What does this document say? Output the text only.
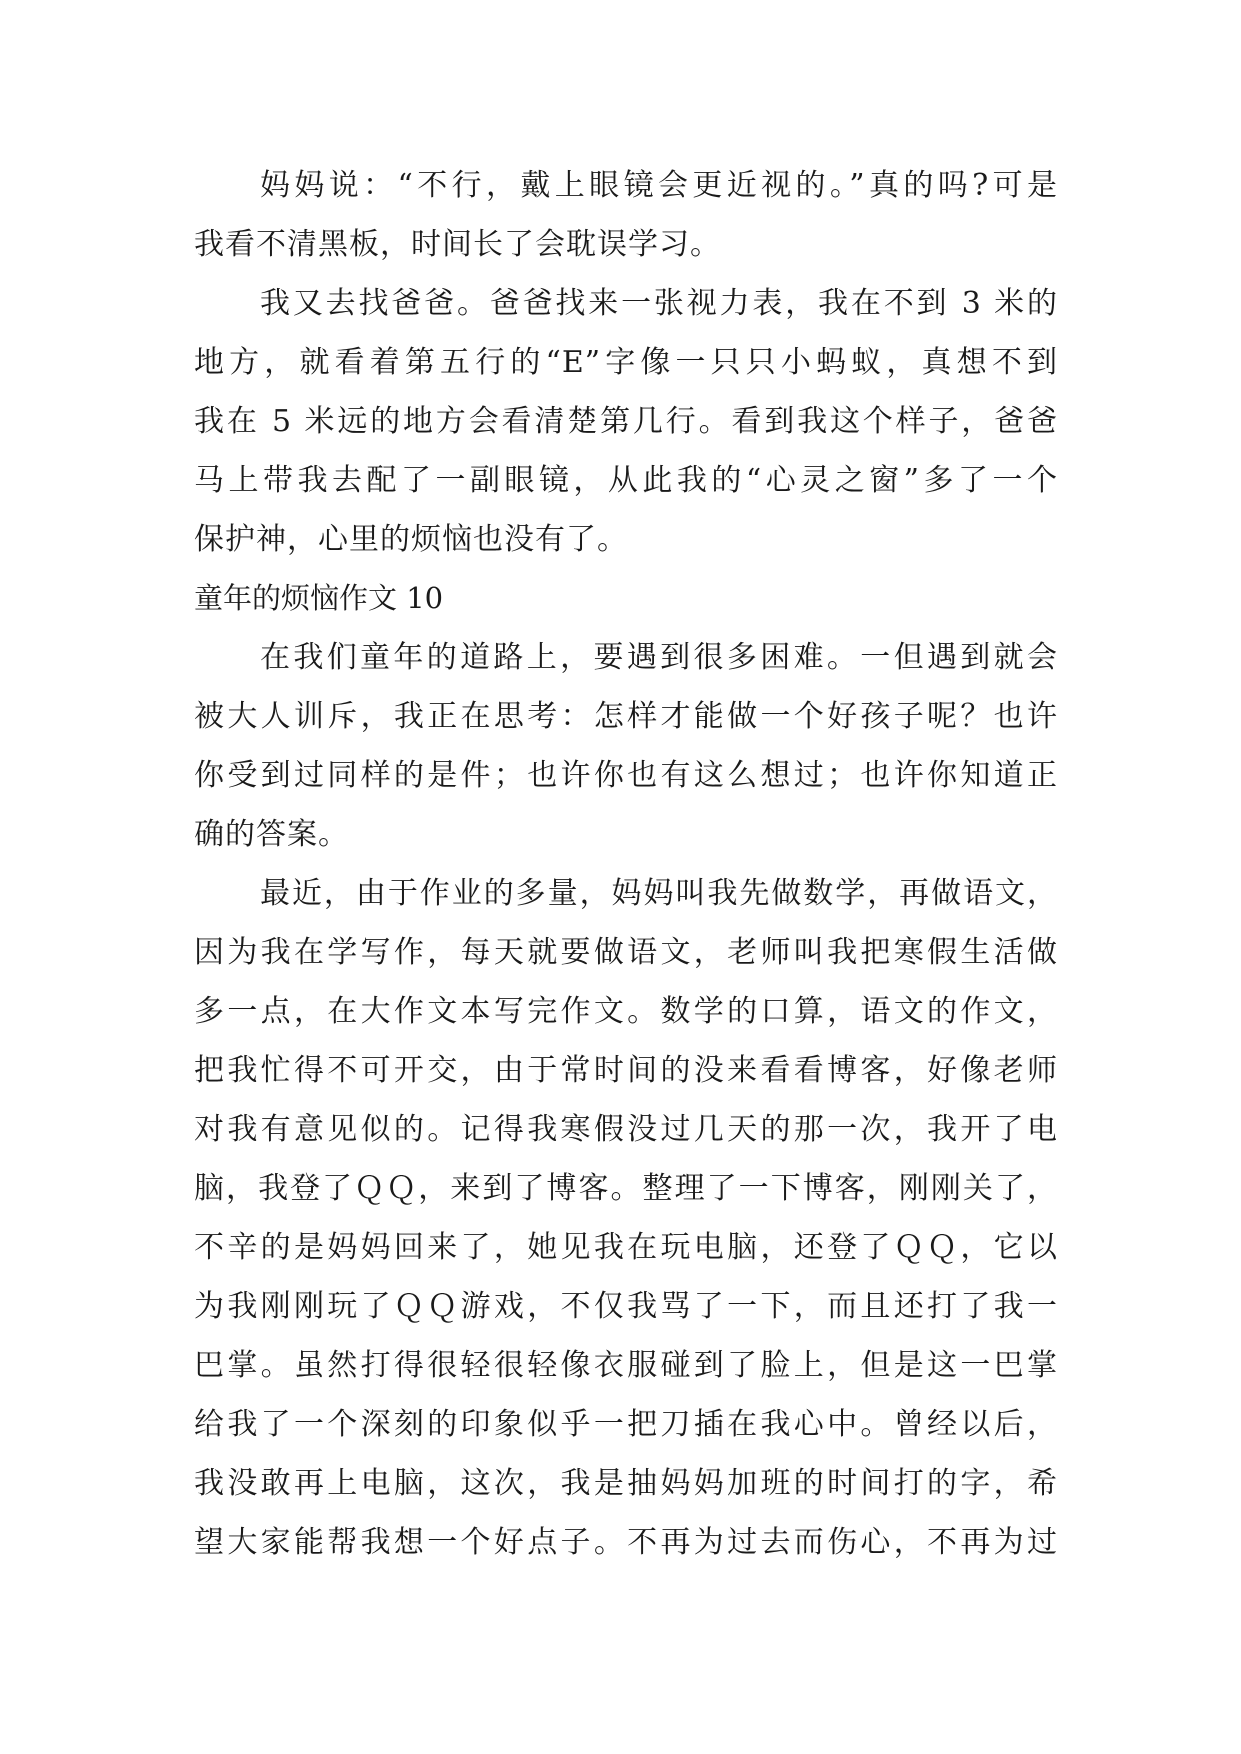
妈妈说：“不行，戴上眼镜会更近视的。”真的吗?可是
我看不清黑板，时间长了会耽误学习。
我又去找爸爸。爸爸找来一张视力表，我在不到 3 米的
地方，就看着第五行的“E”字像一只只小蚂蚁，真想不到
我在 5 米远的地方会看清楚第几行。看到我这个样子，爸爸
马上带我去配了一副眼镜，从此我的“心灵之窗”多了一个
保护神，心里的烦恼也没有了。
童年的烦恼作文 10
在我们童年的道路上，要遇到很多困难。一但遇到就会
被大人训斥，我正在思考：怎样才能做一个好孩子呢？也许
你受到过同样的是件；也许你也有这么想过；也许你知道正
确的答案。
最近，由于作业的多量，妈妈叫我先做数学，再做语文，
因为我在学写作，每天就要做语文，老师叫我把寒假生活做
多一点，在大作文本写完作文。数学的口算，语文的作文，
把我忙得不可开交，由于常时间的没来看看博客，好像老师
对我有意见似的。记得我寒假没过几天的那一次，我开了电
脑，我登了ＱＱ，来到了博客。整理了一下博客，刚刚关了，
不辛的是妈妈回来了，她见我在玩电脑，还登了ＱＱ，它以
为我刚刚玩了ＱＱ游戏，不仅我骂了一下，而且还打了我一
巴掌。虽然打得很轻很轻像衣服碰到了脸上，但是这一巴掌
给我了一个深刻的印象似乎一把刀插在我心中。曾经以后，
我没敢再上电脑，这次，我是抽妈妈加班的时间打的字，希
望大家能帮我想一个好点子。不再为过去而伤心，不再为过
